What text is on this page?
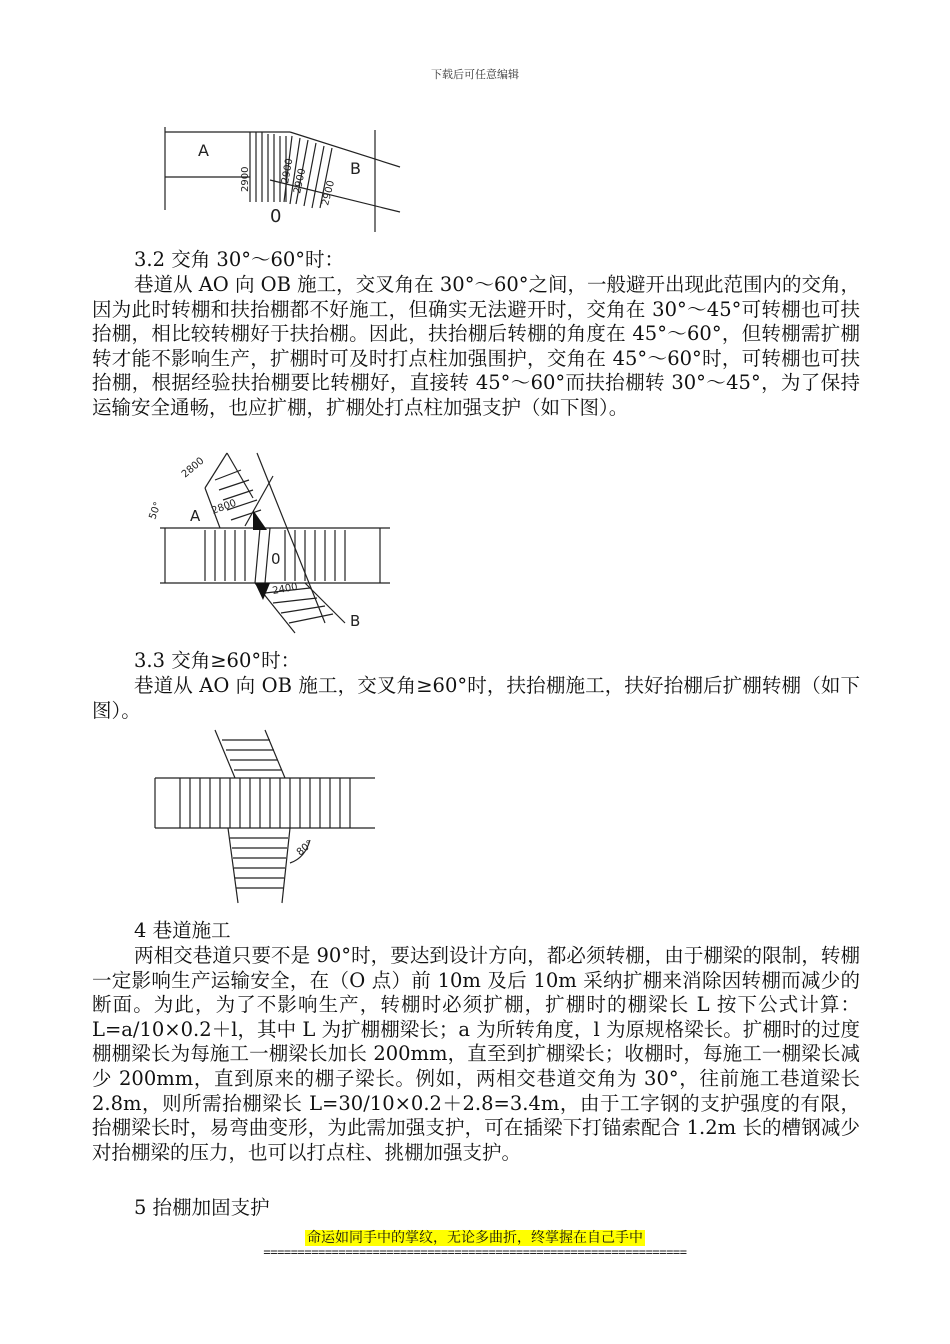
下载后可任意编辑
A
B
0
2900	2900
2900 2900
3.2 交角 30°～60°时：
巷道从 AO 向 OB 施工，交叉角在 30°～60°之间，一般避开出现此范围内的交角，因为此时转棚和扶抬棚都不好施工，但确实无法避开时，交角在 30°～45°可转棚也可扶抬棚，相比较转棚好于扶抬棚。因此，扶抬棚后转棚的角度在 45°～60°，但转棚需扩棚转才能不影响生产，扩棚时可及时打点柱加强围护，交角在 45°～60°时，可转棚也可扶抬棚，根据经验扶抬棚要比转棚好，直接转 45°～60°而扶抬棚转 30°～45°，为了保持运输安全通畅，也应扩棚，扩棚处打点柱加强支护（如下图）。
A
B
0
50°
2800
2800
2400
3.3 交角≥60°时：
巷道从 AO 向 OB 施工，交叉角≥60°时，扶抬棚施工，扶好抬棚后扩棚转棚（如下图）。
80°
4 巷道施工
两相交巷道只要不是 90°时，要达到设计方向，都必须转棚，由于棚梁的限制，转棚一定影响生产运输安全，在（O 点）前 10m 及后 10m 采纳扩棚来消除因转棚而减少的断面。为此，为了不影响生产，转棚时必须扩棚，扩棚时的棚梁长 L 按下公式计算：L=a/10×0.2＋l，其中 L 为扩棚棚梁长；a 为所转角度，l 为原规格梁长。扩棚时的过度棚棚梁长为每施工一棚梁长加长 200mm，直至到扩棚梁长；收棚时，每施工一棚梁长减少 200mm，直到原来的棚子梁长。例如，两相交巷道交角为 30°，往前施工巷道梁长 2.8m，则所需抬棚梁长 L=30/10×0.2＋2.8=3.4m，由于工字钢的支护强度的有限，抬棚梁长时，易弯曲变形，为此需加强支护，可在插梁下打锚索配合 1.2m 长的槽钢减少对抬棚梁的压力，也可以打点柱、挑棚加强支护。
5 抬棚加固支护
命运如同手中的掌纹，无论多曲折，终掌握在自己手中
==============================================================
